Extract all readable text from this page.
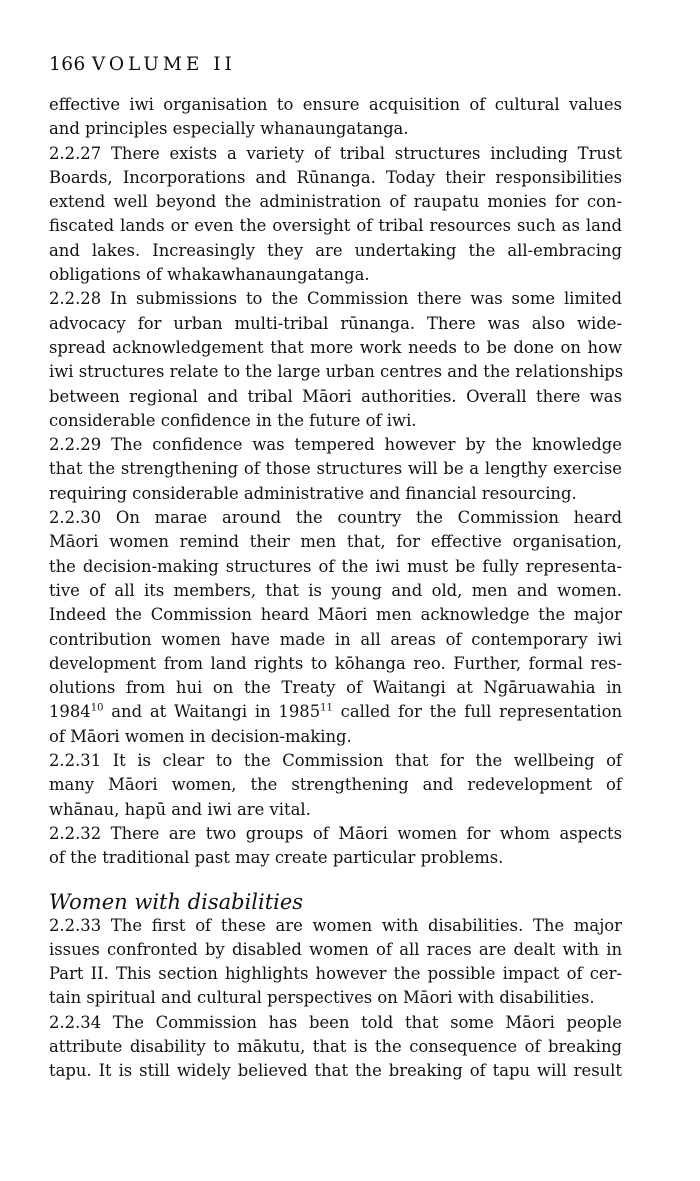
166 VOLUME II
effective iwi organisation to ensure acquisition of cultural values
and principles especially whanaungatanga.
2.2.27 There exists a variety of tribal structures including Trust
Boards, Incorporations and Rūnanga. Today their responsibilities
extend well beyond the administration of raupatu monies for con-
fiscated lands or even the oversight of tribal resources such as land
and lakes. Increasingly they are undertaking the all-embracing
obligations of whakawhanaungatanga.
2.2.28 In submissions to the Commission there was some limited
advocacy for urban multi-tribal rūnanga. There was also wide-
spread acknowledgement that more work needs to be done on how
iwi structures relate to the large urban centres and the relationships
between regional and tribal Māori authorities. Overall there was
considerable confidence in the future of iwi.
2.2.29 The confidence was tempered however by the knowledge
that the strengthening of those structures will be a lengthy exercise
requiring considerable administrative and financial resourcing.
2.2.30 On marae around the country the Commission heard
Māori women remind their men that, for effective organisation,
the decision-making structures of the iwi must be fully representa-
tive of all its members, that is young and old, men and women.
Indeed the Commission heard Māori men acknowledge the major
contribution women have made in all areas of contemporary iwi
development from land rights to kōhanga reo. Further, formal res-
olutions from hui on the Treaty of Waitangi at Ngāruawahia in
1984$^{10}$ and at Waitangi in 1985$^{11}$ called for the full representation
of Māori women in decision-making.
2.2.31 It is clear to the Commission that for the wellbeing of
many Māori women, the strengthening and redevelopment of
whānau, hapū and iwi are vital.
2.2.32 There are two groups of Māori women for whom aspects
of the traditional past may create particular problems.
Women with disabilities
2.2.33 The first of these are women with disabilities. The major
issues confronted by disabled women of all races are dealt with in
Part II. This section highlights however the possible impact of cer-
tain spiritual and cultural perspectives on Māori with disabilities.
2.2.34 The Commission has been told that some Māori people
attribute disability to mākutu, that is the consequence of breaking
tapu. It is still widely believed that the breaking of tapu will result
